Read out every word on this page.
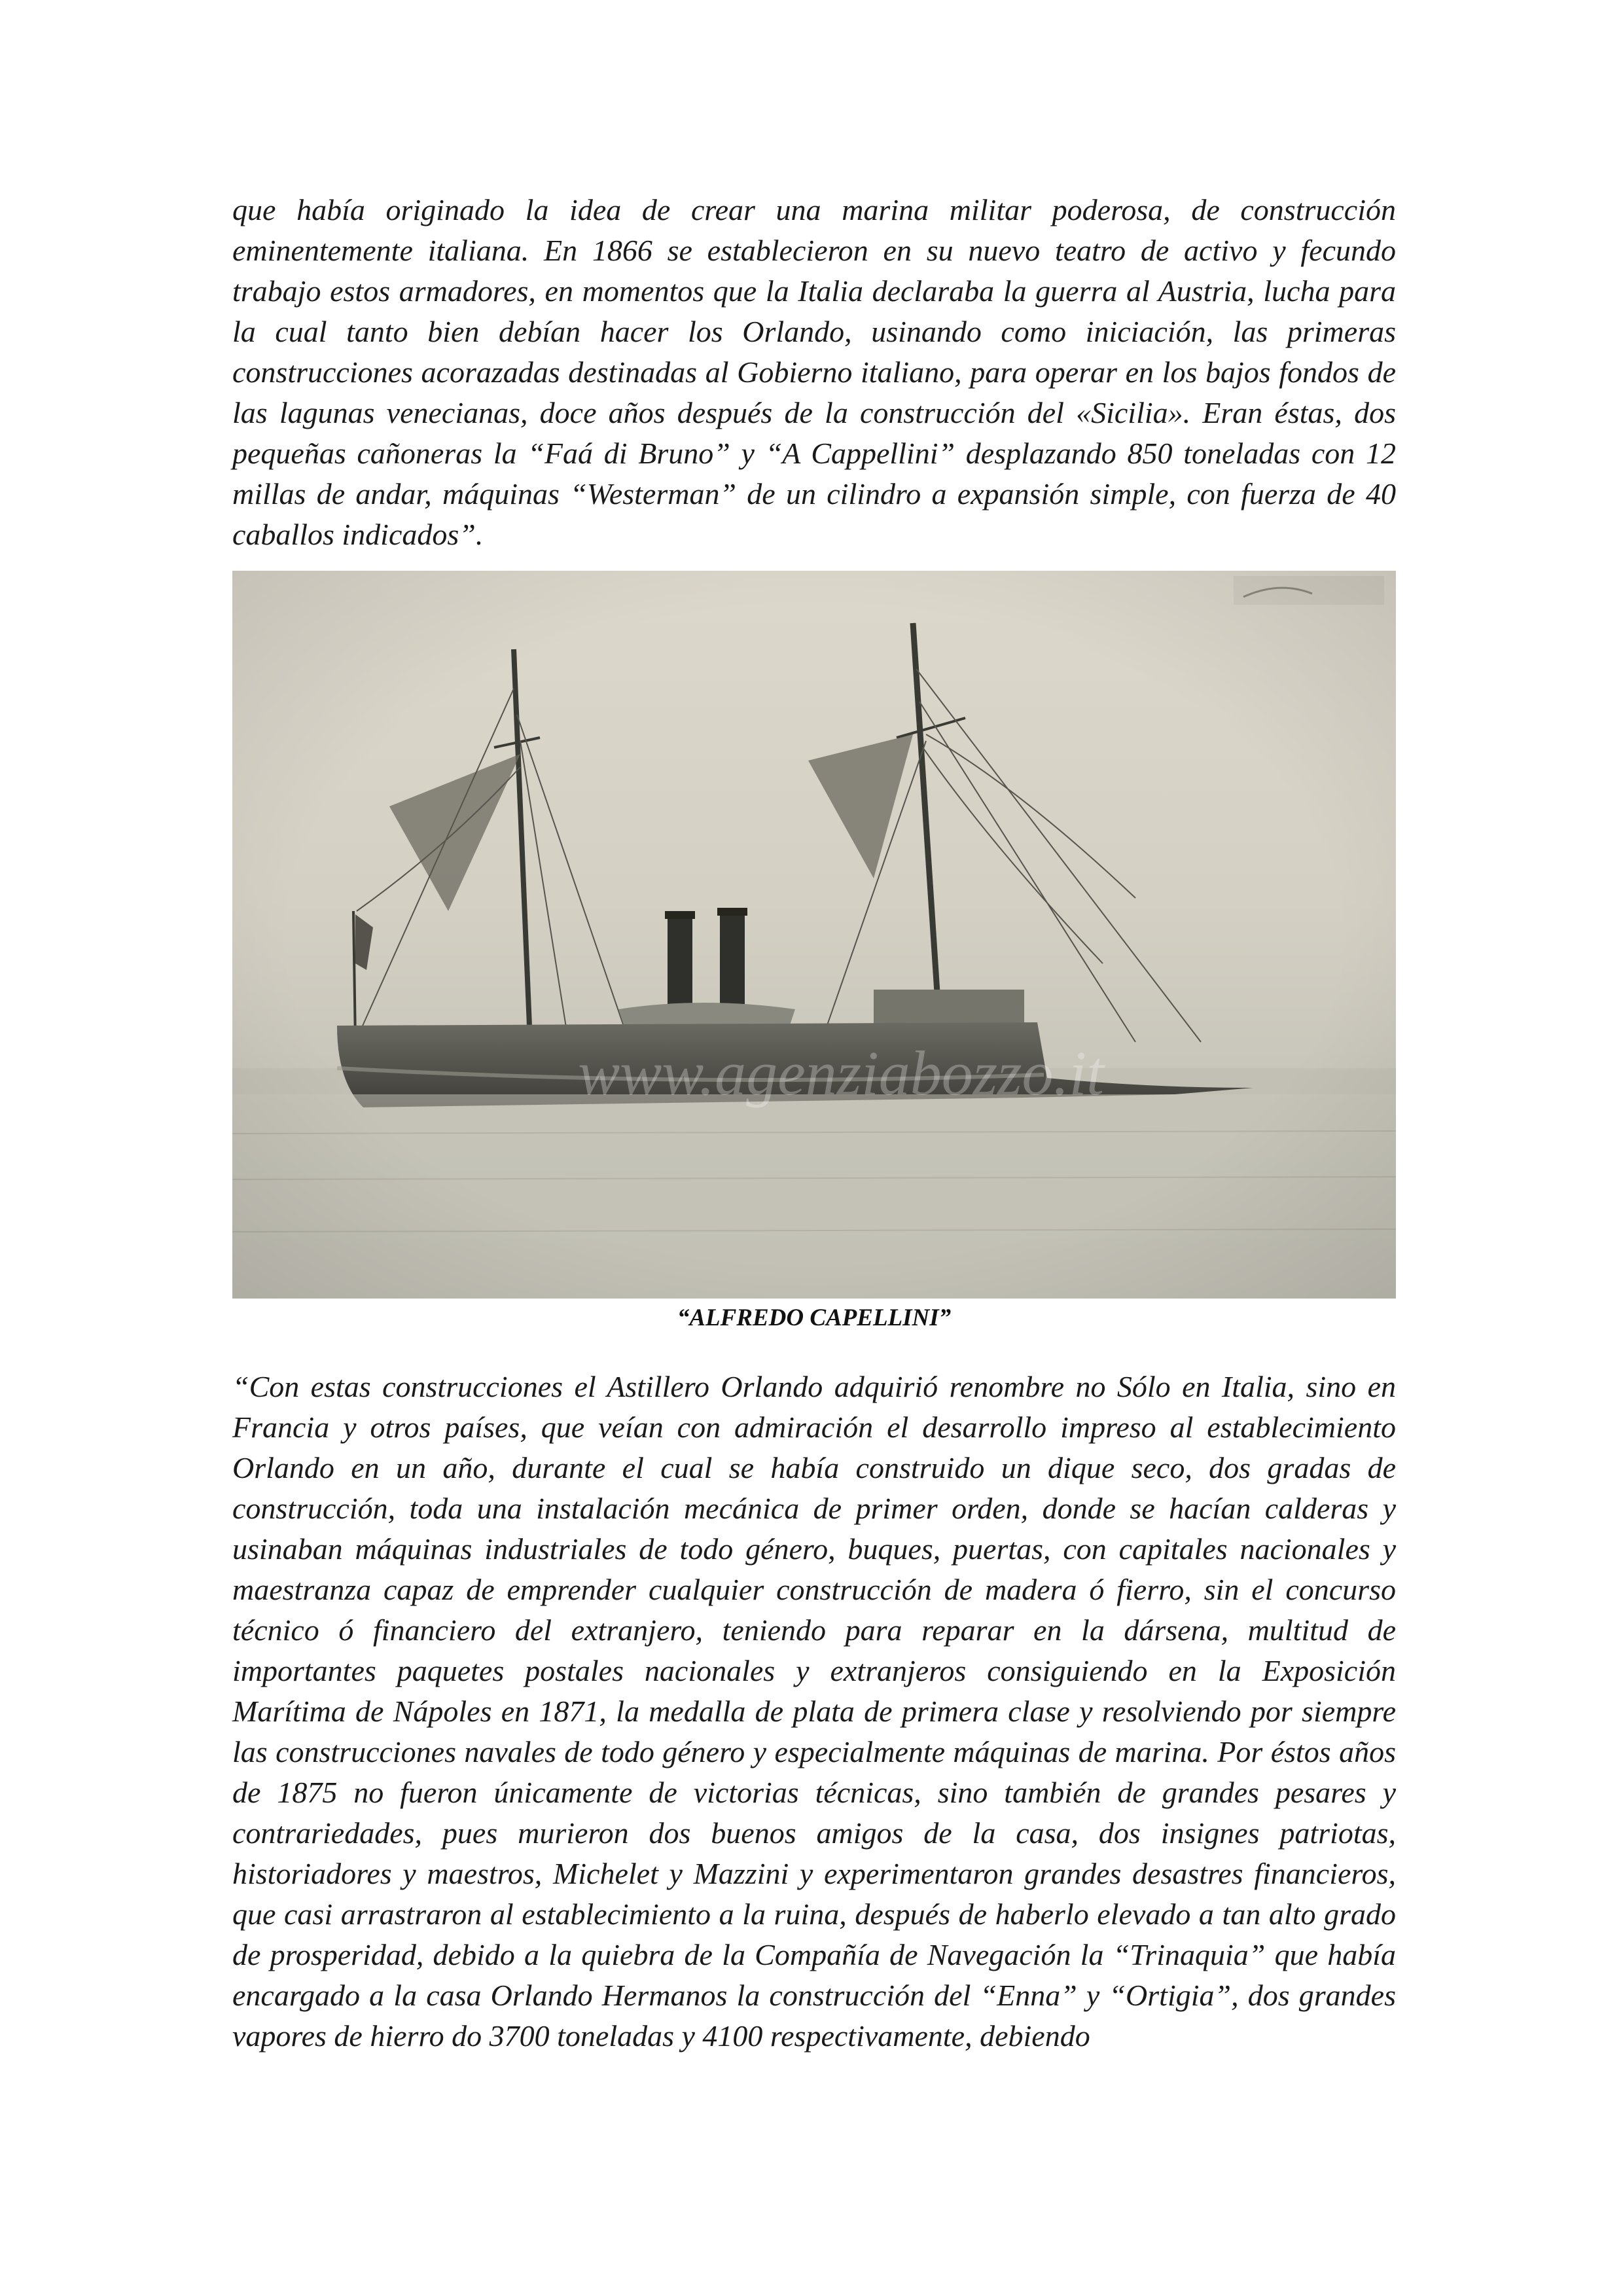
que había originado la idea de crear una marina militar poderosa, de construcción eminentemente italiana. En 1866 se establecieron en su nuevo teatro de activo y fecundo trabajo estos armadores, en momentos que la Italia declaraba la guerra al Austria, lucha para la cual tanto bien debían hacer los Orlando, usinando como iniciación, las primeras construcciones acorazadas destinadas al Gobierno italiano, para operar en los bajos fondos de las lagunas venecianas, doce años después de la construcción del «Sicilia». Eran éstas, dos pequeñas cañoneras la “Faá di Bruno” y “A Cappellini” desplazando 850 toneladas con 12 millas de andar, máquinas “Westerman” de un cilindro a expansión simple, con fuerza de 40 caballos indicados”.

“ALFREDO CAPELLINI”

“Con estas construcciones el Astillero Orlando adquirió renombre no Sólo en Italia, sino en Francia y otros países, que veían con admiración el desarrollo impreso al establecimiento Orlando en un año, durante el cual se había construido un dique seco, dos gradas de construcción, toda una instalación mecánica de primer orden, donde se hacían calderas y usinaban máquinas industriales de todo género, buques, puertas, con capitales nacionales y maestranza capaz de emprender cualquier construcción de madera ó fierro, sin el concurso técnico ó financiero del extranjero, teniendo para reparar en la dársena, multitud de importantes paquetes postales nacionales y extranjeros consiguiendo en la Exposición Marítima de Nápoles en 1871, la medalla de plata de primera clase y resolviendo por siempre las construcciones navales de todo género y especialmente máquinas de marina. Por éstos años de 1875 no fueron únicamente de victorias técnicas, sino también de grandes pesares y contrariedades, pues murieron dos buenos amigos de la casa, dos insignes patriotas, historiadores y maestros, Michelet y Mazzini y experimentaron grandes desastres financieros, que casi arrastraron al establecimiento a la ruina, después de haberlo elevado a tan alto grado de prosperidad, debido a la quiebra de la Compañía de Navegación la “Trinaquia” que había encargado a la casa Orlando Hermanos la construcción del “Enna” y “Ortigia”, dos grandes vapores de hierro do 3700 toneladas y 4100 respectivamente, debiendo
